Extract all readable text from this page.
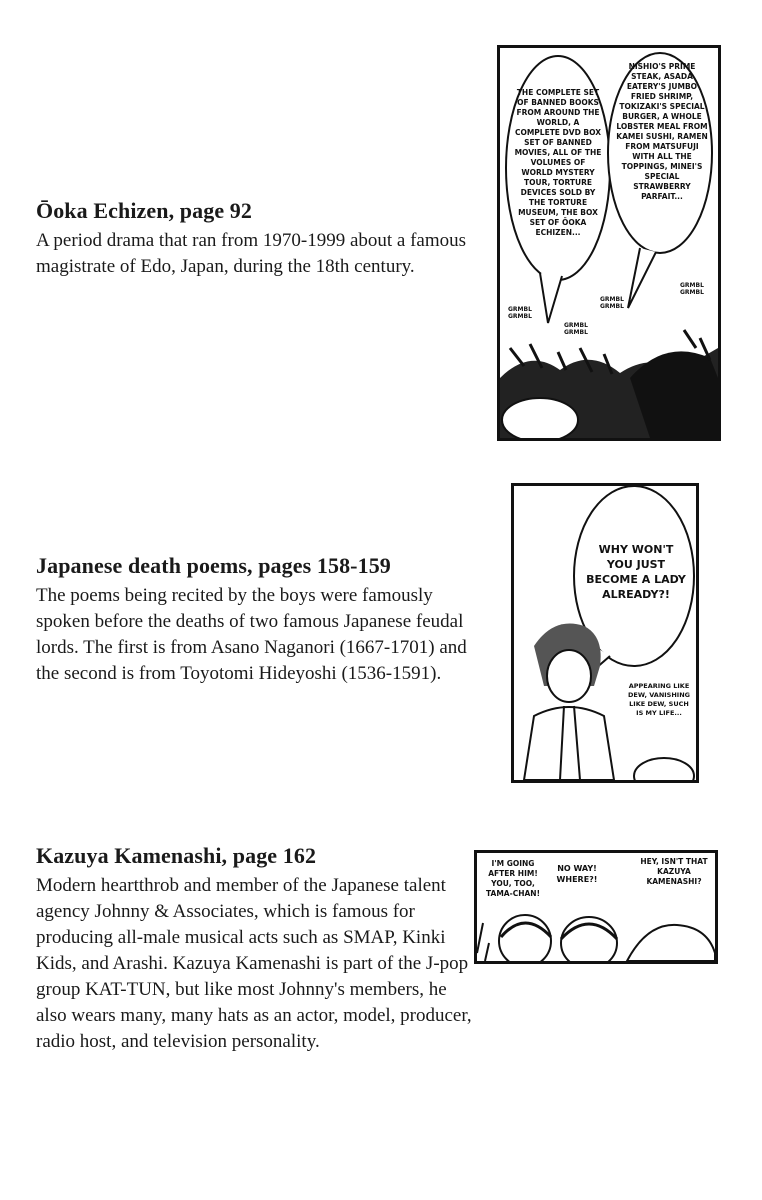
Ōoka Echizen, page 92

A period drama that ran from 1970-1999 about a famous magistrate of Edo, Japan, during the 18th century.

Japanese death poems, pages 158-159

The poems being recited by the boys were famously spoken before the deaths of two famous Japanese feudal lords. The first is from Asano Naganori (1667-1701) and the second is from Toyotomi Hideyoshi (1536-1591).

Kazuya Kamenashi, page 162

Modern heartthrob and member of the Japanese talent agency Johnny & Associates, which is famous for producing all-male musical acts such as SMAP, Kinki Kids, and Arashi. Kazuya Kamenashi is part of the J-pop group KAT-TUN, but like most Johnny's members, he also wears many, many hats as an actor, model, producer, radio host, and television personality.

THE COMPLETE SET OF BANNED BOOKS FROM AROUND THE WORLD, A COMPLETE DVD BOX SET OF BANNED MOVIES, ALL OF THE VOLUMES OF WORLD MYSTERY TOUR, TORTURE DEVICES SOLD BY THE TORTURE MUSEUM, THE BOX SET OF ŌOKA ECHIZEN...
NISHIO'S PRIME STEAK, ASADA EATERY'S JUMBO FRIED SHRIMP, TOKIZAKI'S SPECIAL BURGER, A WHOLE LOBSTER MEAL FROM KAMEI SUSHI, RAMEN FROM MATSUFUJI WITH ALL THE TOPPINGS, MINEI'S SPECIAL STRAWBERRY PARFAIT...
GRMBL GRMBL
GRMBL GRMBL
GRMBL GRMBL
GRMBL GRMBL
WHY WON'T YOU JUST BECOME A LADY ALREADY?!
APPEARING LIKE DEW, VANISHING LIKE DEW, SUCH IS MY LIFE...
I'M GOING AFTER HIM! YOU, TOO, TAMA-CHAN!
NO WAY! WHERE?!
HEY, ISN'T THAT KAZUYA KAMENASHI?
